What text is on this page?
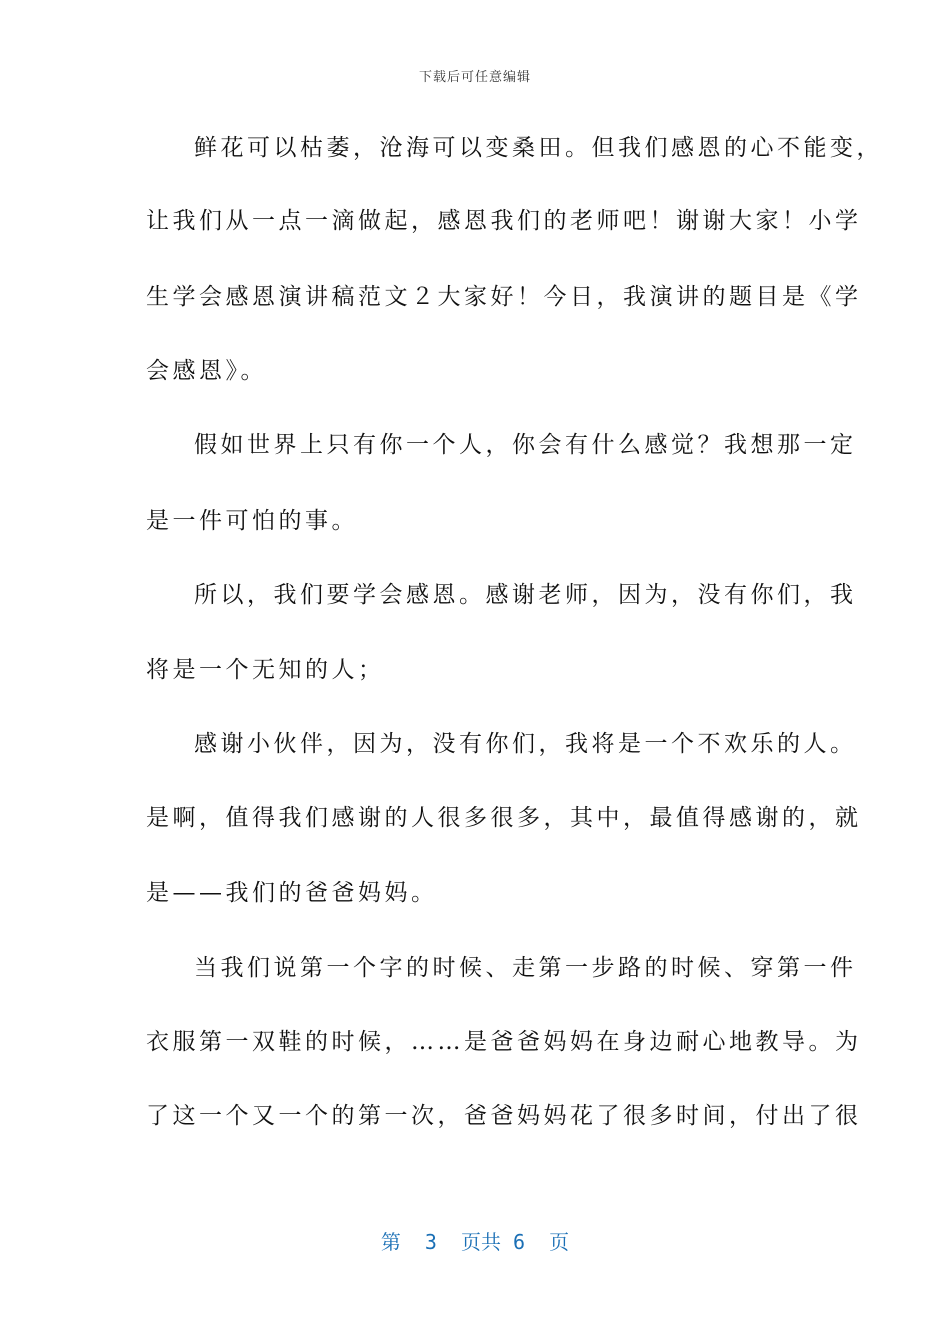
下载后可任意编辑
鲜花可以枯萎，沧海可以变桑田。但我们感恩的心不能变，
让我们从一点一滴做起，感恩我们的老师吧！谢谢大家！小学
生学会感恩演讲稿范文２大家好！今日，我演讲的题目是《学
会感恩》。
假如世界上只有你一个人，你会有什么感觉？我想那一定
是一件可怕的事。
所以，我们要学会感恩。感谢老师，因为，没有你们，我
将是一个无知的人；
感谢小伙伴，因为，没有你们，我将是一个不欢乐的人。
是啊，值得我们感谢的人很多很多，其中，最值得感谢的，就
是——我们的爸爸妈妈。
当我们说第一个字的时候、走第一步路的时候、穿第一件
衣服第一双鞋的时候，……是爸爸妈妈在身边耐心地教导。为
了这一个又一个的第一次，爸爸妈妈花了很多时间，付出了很
第  3  页共 6  页
